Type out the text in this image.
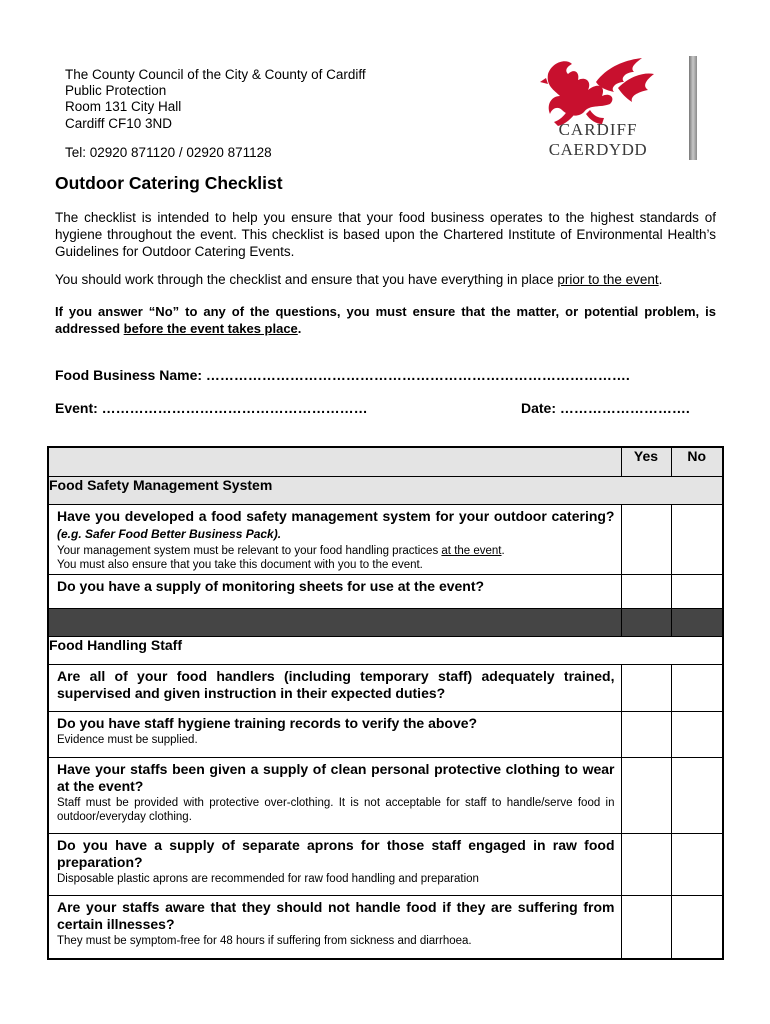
The County Council of the City & County of Cardiff
Public Protection
Room 131 City Hall
Cardiff CF10 3ND
Tel: 02920 871120 / 02920 871128
CARDIFF
CAERDYDD
Outdoor Catering Checklist

The checklist is intended to help you ensure that your food business operates to the highest standards of hygiene throughout the event. This checklist is based upon the Chartered Institute of Environmental Health’s Guidelines for Outdoor Catering Events.

You should work through the checklist and ensure that you have everything in place prior to the event.

If you answer “No” to any of the questions, you must ensure that the matter, or potential problem, is addressed before the event takes place.

Food Business Name: ……………………………………………………………………………….
Event: …………………………………………………	Date: ……………………….
	Yes	No
Food Safety Management System		

Have you developed a food safety management system for your outdoor catering? (e.g. Safer Food Better Business Pack).
Your management system must be relevant to your food handling practices at the event.
You must also ensure that you take this document with you to the event.		

Do you have a supply of monitoring sheets for use at the event?		

Food Handling Staff		

Are all of your food handlers (including temporary staff) adequately trained, supervised and given instruction in their expected duties?		

Do you have staff hygiene training records to verify the above?
Evidence must be supplied.		

Have your staffs been given a supply of clean personal protective clothing to wear at the event?
Staff must be provided with protective over-clothing. It is not acceptable for staff to handle/serve food in outdoor/everyday clothing.		

Do you have a supply of separate aprons for those staff engaged in raw food preparation?
Disposable plastic aprons are recommended for raw food handling and preparation		

Are your staffs aware that they should not handle food if they are suffering from certain illnesses?
They must be symptom-free for 48 hours if suffering from sickness and diarrhoea.		
